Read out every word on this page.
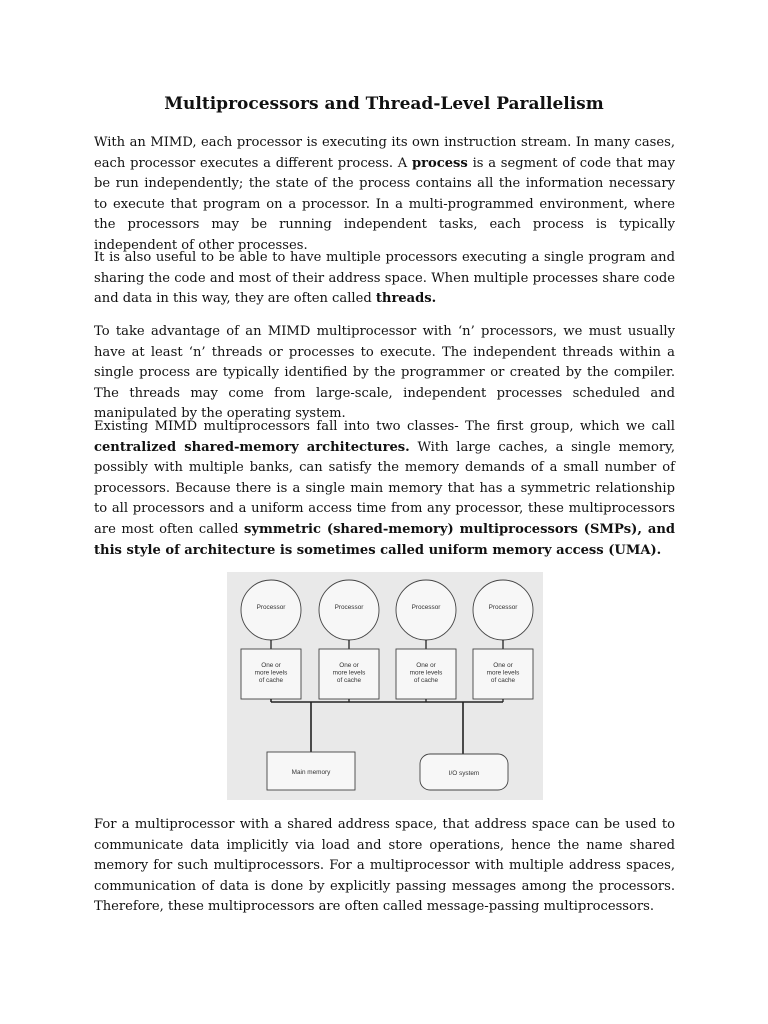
Multiprocessors and Thread-Level Parallelism

With an MIMD, each processor is executing its own instruction stream. In many cases, each processor executes a different process. A process is a segment of code that may be run independently; the state of the process contains all the information necessary to execute that program on a processor. In a multi-programmed environment, where the processors may be running independent tasks, each process is typically independent of other processes.

It is also useful to be able to have multiple processors executing a single program and sharing the code and most of their address space. When multiple processes share code and data in this way, they are often called threads.

To take advantage of an MIMD multiprocessor with ‘n’ processors, we must usually have at least ‘n’ threads or processes to execute. The independent threads within a single process are typically identified by the programmer or created by the compiler. The threads may come from large-scale, independent processes scheduled and manipulated by the operating system.

Existing MIMD multiprocessors fall into two classes- The first group, which we call centralized shared-memory architectures. With large caches, a single memory, possibly with multiple banks, can satisfy the memory demands of a small number of processors. Because there is a single main memory that has a symmetric relationship to all processors and a uniform access time from any processor, these multiprocessors are most often called symmetric (shared-memory) multiprocessors (SMPs), and this style of architecture is sometimes called uniform memory access (UMA).

Processor
One or
more levels
of cache
Processor
One or
more levels
of cache
Processor
One or
more levels
of cache
Processor
One or
more levels
of cache
Main memory	I/O system

For a multiprocessor with a shared address space, that address space can be used to communicate data implicitly via load and store operations, hence the name shared memory for such multiprocessors. For a multiprocessor with multiple address spaces, communication of data is done by explicitly passing messages among the processors. Therefore, these multiprocessors are often called message-passing multiprocessors.
